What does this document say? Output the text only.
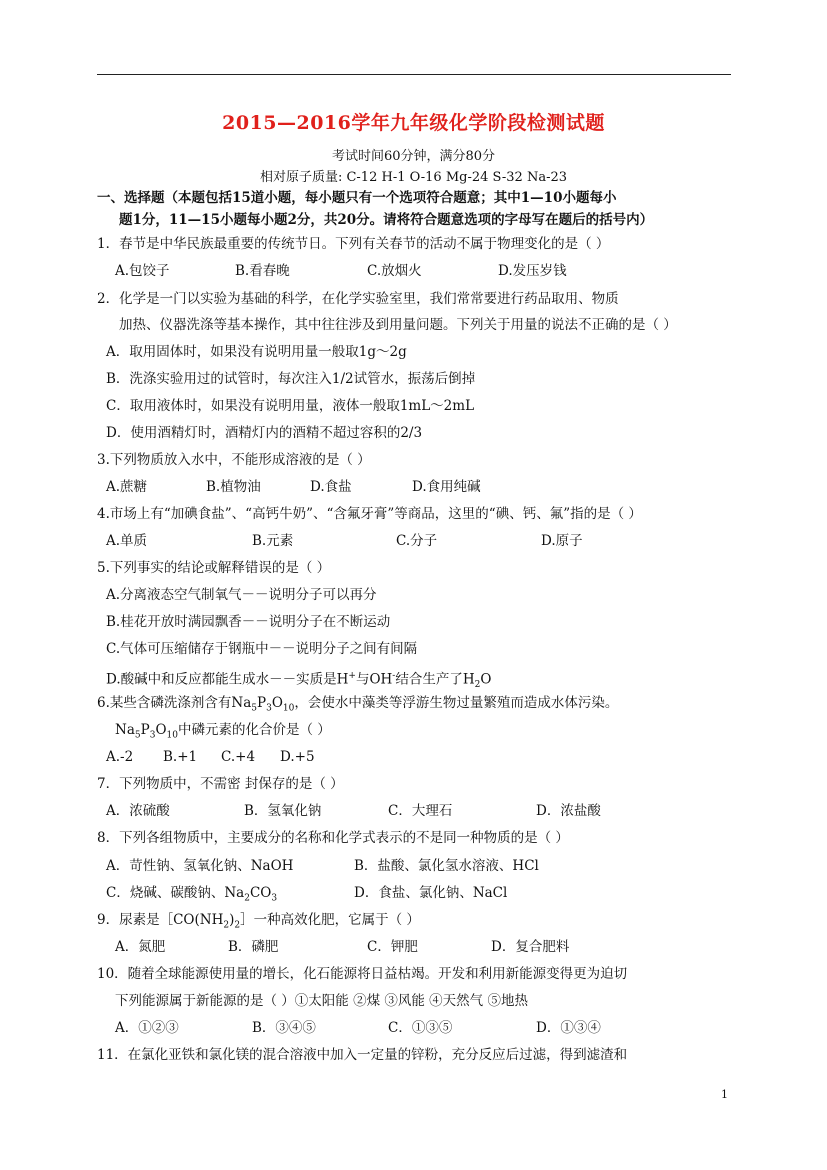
2015—2016学年九年级化学阶段检测试题
考试时间60分钟，满分80分
相对原子质量: C-12 H-1 O-16 Mg-24 S-32 Na-23
一、选择题（本题包括15道小题，每小题只有一个选项符合题意；其中1—10小题每小
题1分，11—15小题每小题2分，共20分。请将符合题意选项的字母写在题后的括号内）
1．春节是中华民族最重要的传统节日。下列有关春节的活动不属于物理变化的是（ ）
A.包饺子	B.看春晚	C.放烟火	D.发压岁钱
2．化学是一门以实验为基础的科学，在化学实验室里，我们常常要进行药品取用、物质
加热、仪器洗涤等基本操作，其中往往涉及到用量问题。下列关于用量的说法不正确的是（ ）
A．取用固体时，如果没有说明用量一般取1g～2g
B．洗涤实验用过的试管时，每次注入1/2试管水，振荡后倒掉
C．取用液体时，如果没有说明用量，液体一般取1mL～2mL
D．使用酒精灯时，酒精灯内的酒精不超过容积的2/3
3.下列物质放入水中，不能形成溶液的是（ ）
A.蔗糖	B.植物油	D.食盐	D.食用纯碱
4.市场上有“加碘食盐”、“高钙牛奶”、“含氟牙膏”等商品，这里的“碘、钙、氟”指的是（ ）
A.单质	B.元素	C.分子	D.原子
5.下列事实的结论或解释错误的是（ ）
A.分离液态空气制氧气－－说明分子可以再分
B.桂花开放时满园飘香－－说明分子在不断运动
C.气体可压缩储存于钢瓶中－－说明分子之间有间隔
D.酸碱中和反应都能生成水－－实质是H+与OH-结合生产了$H_2O$
6.某些含磷洗涤剂含有$Na_5P_3O_{10}$，会使水中藻类等浮游生物过量繁殖而造成水体污染。
$Na_5P_3O_{10}$中磷元素的化合价是（ ）
A.-2 B.+1 C.+4 D.+5
7．下列物质中，不需密 封保存的是（ ）
A．浓硫酸	B．氢氧化钠	C．大理石	D．浓盐酸
8．下列各组物质中，主要成分的名称和化学式表示的不是同一种物质的是（ ）
A．苛性钠、氢氧化钠、NaOH	B．盐酸、氯化氢水溶液、HCl
C．烧碱、碳酸钠、$Na_2CO_3$	D．食盐、氯化钠、NaCl
9．尿素是$[CO(NH_2)_2]$一种高效化肥，它属于（ ）
A．氮肥	B．磷肥	C．钾肥	D．复合肥料
10．随着全球能源使用量的增长，化石能源将日益枯竭。开发和利用新能源变得更为迫切
下列能源属于新能源的是（ ）①太阳能 ②煤 ③风能 ④天然气 ⑤地热
A．①②③	B．③④⑤	C．①③⑤	D．①③④
11．在氯化亚铁和氯化镁的混合溶液中加入一定量的锌粉，充分反应后过滤，得到滤渣和
1
